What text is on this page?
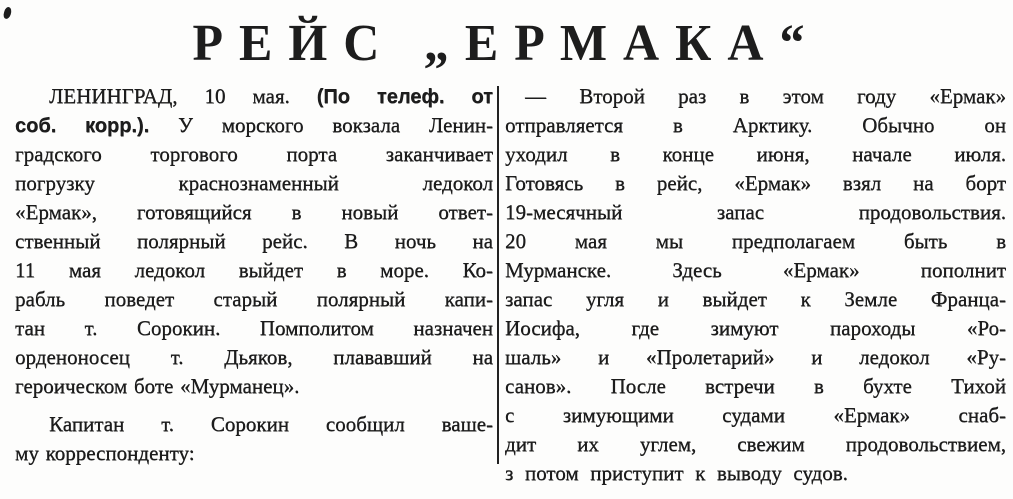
РЕЙС „ЕРМАКА“
ЛЕНИНГРАД, 10 мая. (По телеф. от
соб. корр.). У морского вокзала Ленин-
градского торгового порта заканчивает
погрузку	краснознаменный	ледокол
«Ермак», готовящийся в новый ответ-
ственный полярный рейс. В ночь на
11 мая ледокол выйдет в море. Ко-
рабль поведет старый полярный капи-
тан т. Сорокин. Помполитом назначен
орденоносец т. Дьяков, плававший на
героическом боте «Мурманец».
Капитан т. Сорокин сообщил ваше-
му корреспонденту:
— Второй раз в этом году «Ермак»
отправляется в Арктику. Обычно он
уходил в конце июня, начале июля.
Готовясь в рейс, «Ермак» взял на борт
19-месячный	запас	продовольствия.
20 мая мы предполагаем быть в
Мурманске.	Здесь	«Ермак»	пополнит
запас угля и выйдет к Земле Франца-
Иосифа, где зимуют пароходы «Ро-
шаль» и «Пролетарий» и ледокол «Ру-
санов». После встречи в бухте Тихой
с зимующими судами «Ермак» снаб-
дит их углем, свежим продовольствием,
з потом приступит к выводу судов.
